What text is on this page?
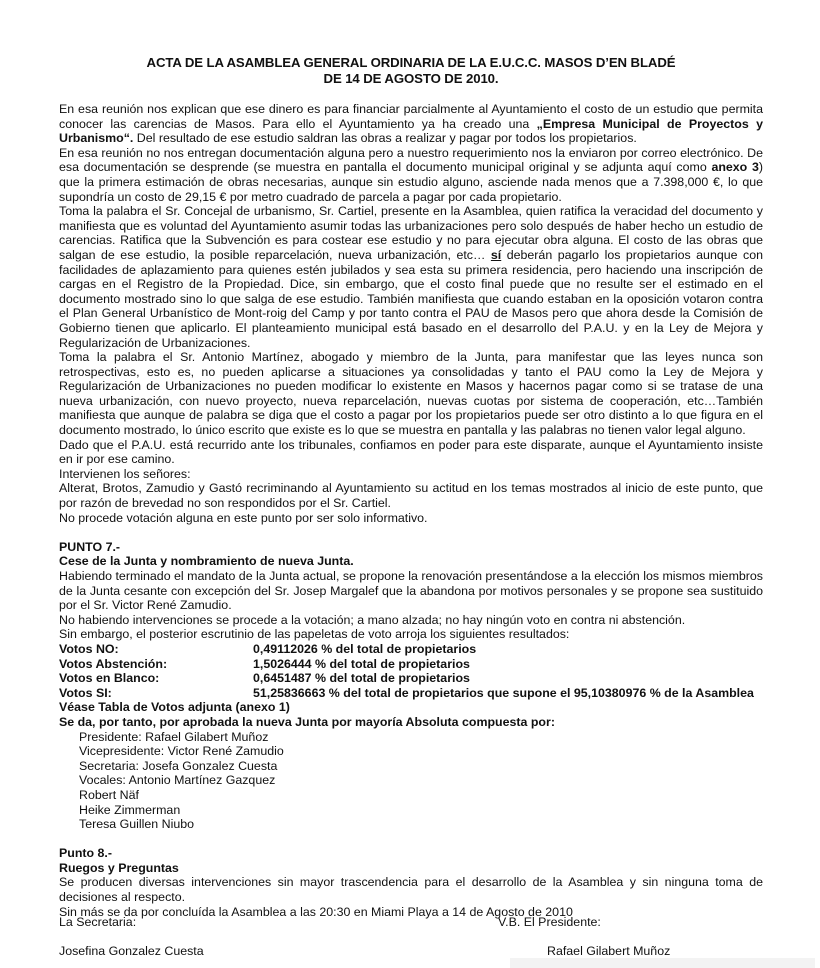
ACTA DE LA ASAMBLEA GENERAL ORDINARIA DE LA E.U.C.C. MASOS D’EN BLADÉ
DE 14 DE AGOSTO DE 2010.

En esa reunión nos explican que ese dinero es para financiar parcialmente al Ayuntamiento el costo de un estudio que permita conocer las carencias de Masos. Para ello el Ayuntamiento ya ha creado una „Empresa Municipal de Proyectos y Urbanismo“. Del resultado de ese estudio saldran las obras a realizar y pagar por todos los propietarios.

En esa reunión no nos entregan documentación alguna pero a nuestro requerimiento nos la enviaron por correo electrónico. De esa documentación se desprende (se muestra en pantalla el documento municipal original y se adjunta aquí como anexo 3) que la primera estimación de obras necesarias, aunque sin estudio alguno, asciende nada menos que a 7.398,000 €, lo que supondría un costo de 29,15 € por metro cuadrado de parcela a pagar por cada propietario.

Toma la palabra el Sr. Concejal de urbanismo, Sr. Cartiel, presente en la Asamblea, quien ratifica la veracidad del documento y manifiesta que es voluntad del Ayuntamiento asumir todas las urbanizaciones pero solo después de haber hecho un estudio de carencias. Ratifica que la Subvención es para costear ese estudio y no para ejecutar obra alguna. El costo de las obras que salgan de ese estudio, la posible reparcelación, nueva urbanización, etc… sí deberán pagarlo los propietarios aunque con facilidades de aplazamiento para quienes estén jubilados y sea esta su primera residencia, pero haciendo una inscripción de cargas en el Registro de la Propiedad. Dice, sin embargo, que el costo final puede que no resulte ser el estimado en el documento mostrado sino lo que salga de ese estudio. También manifiesta que cuando estaban en la oposición votaron contra el Plan General Urbanístico de Mont-roig del Camp y por tanto contra el PAU de Masos pero que ahora desde la Comisión de Gobierno tienen que aplicarlo. El planteamiento municipal está basado en el desarrollo del P.A.U. y en la Ley de Mejora y Regularización de Urbanizaciones.

Toma la palabra el Sr. Antonio Martínez, abogado y miembro de la Junta, para manifestar que las leyes nunca son retrospectivas, esto es, no pueden aplicarse a situaciones ya consolidadas y tanto el PAU como la Ley de Mejora y Regularización de Urbanizaciones no pueden modificar lo existente en Masos y hacernos pagar como si se tratase de una nueva urbanización, con nuevo proyecto, nueva reparcelación, nuevas cuotas por sistema de cooperación, etc…También manifiesta que aunque de palabra se diga que el costo a pagar por los propietarios puede ser otro distinto a lo que figura en el documento mostrado, lo único escrito que existe es lo que se muestra en pantalla y las palabras no tienen valor legal alguno.

Dado que el P.A.U. está recurrido ante los tribunales, confiamos en poder para este disparate, aunque el Ayuntamiento insiste en ir por ese camino.

Intervienen los señores:

Alterat, Brotos, Zamudio y Gastó recriminando al Ayuntamiento su actitud en los temas mostrados al inicio de este punto, que por razón de brevedad no son respondidos por el Sr. Cartiel.

No procede votación alguna en este punto por ser solo informativo.

PUNTO 7.-

Cese de la Junta y nombramiento de nueva Junta.

Habiendo terminado el mandato de la Junta actual, se propone la renovación presentándose a la elección los mismos miembros de la Junta cesante con excepción del Sr. Josep Margalef que la abandona por motivos personales y se propone sea sustituido por el Sr. Victor René Zamudio.

No habiendo intervenciones se procede a la votación; a mano alzada; no hay ningún voto en contra ni abstención.

Sin embargo, el posterior escrutinio de las papeletas de voto arroja los siguientes resultados:

Votos NO:	0,49112026 % del total de propietarios
Votos Abstención:	1,5026444 % del total de propietarios
Votos en Blanco:	0,6451487 % del total de propietarios
Votos SI:	51,25836663 % del total de propietarios que supone el 95,10380976 % de la Asamblea

Véase Tabla de Votos adjunta (anexo 1)

Se da, por tanto, por aprobada la nueva Junta por mayoría Absoluta compuesta por:

Presidente: Rafael Gilabert Muñoz
Vicepresidente: Victor René Zamudio
Secretaria: Josefa Gonzalez Cuesta
Vocales: Antonio Martínez Gazquez
Robert Näf
Heike Zimmerman
Teresa Guillen Niubo

Punto 8.-

Ruegos y Preguntas

Se producen diversas intervenciones sin mayor trascendencia para el desarrollo de la Asamblea y sin ninguna toma de decisiones al respecto.

Sin más se da por concluída la Asamblea a las 20:30 en Miami Playa a 14 de Agosto de 2010

La Secretaria:
Josefina Gonzalez Cuesta
V.B. El Presidente:
Rafael Gilabert Muñoz
